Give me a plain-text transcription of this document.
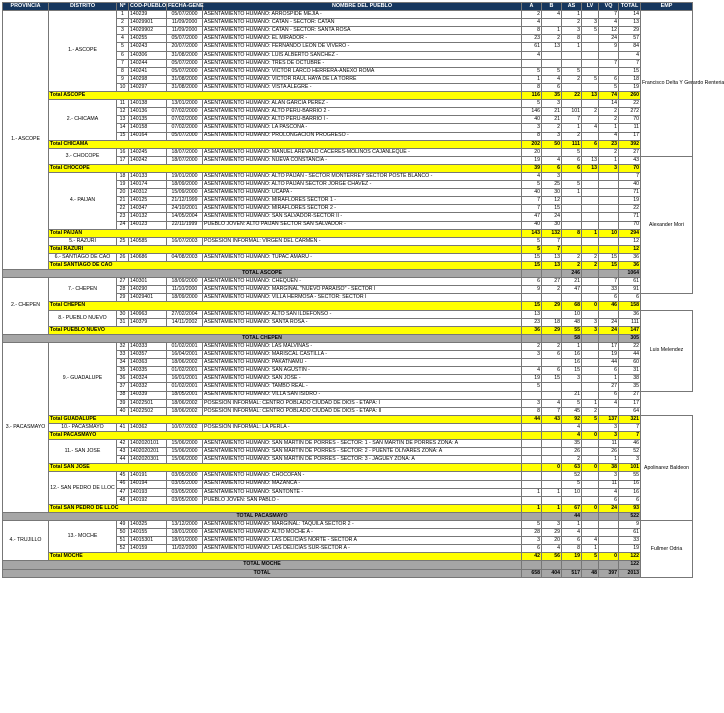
PROVINCIA	DISTRITO	Nº	COD-PUEBLO	FECHA-GENE	NOMBRE DEL PUEBLO	A	B	AS	LV	VQ	TOTAL	EMP	
1.- ASCOPE	1.- ASCOPE	1	140239	05/07/2000	ASENTAMIENTO HUMANO: ARROSPIDE MEJIA -	2	4	1		7	14	Francisco Delta Y Gerardo Renteria	
		2	14029901	11/09/2000	ASENTAMIENTO HUMANO: CATAN - SECTOR: CATAN	4		2	3	4	13		
		3	14029902	11/09/2000	ASENTAMIENTO HUMANO: CATAN - SECTOR: SANTA ROSA	8	1	3	5	12	29		
		4	140255	05/07/2000	ASENTAMIENTO HUMANO: EL MIRADOR -	23	2	8		24	57		
		5	140243	20/07/2000	ASENTAMIENTO HUMANO: FERNANDO LEON DE VIVERO -	61	13	1		9	84		
		6	140306	31/08/2000	ASENTAMIENTO HUMANO: LUIS ALBERTO SANCHEZ -	4					4		
		7	140244	05/07/2000	ASENTAMIENTO HUMANO: TRES DE OCTUBRE -					7	7		
		8	140241	05/07/2000	ASENTAMIENTO HUMANO: VICTOR LARCO HERRERA-ANEXO ROMA	5	5	5			15		
		9	140298	31/08/2000	ASENTAMIENTO HUMANO: VICTOR RAUL HAYA DE LA TORRE	1	4	2	5	6	18		
		10	140297	31/08/2000	ASENTAMIENTO HUMANO: VISTA ALEGRE -	8	6			5	19		
	Total ASCOPE					116	35	22	13	74	260		
	2.- CHICAMA	11	140138	13/01/2000	ASENTAMIENTO HUMANO: ALAN GARCIA PEREZ -	5	3			14	22		
		12	140136	07/02/2000	ASENTAMIENTO HUMANO: ALTO PERU-BARRIO 2 -	146	21	101	2	2	272		
		13	140135	07/02/2000	ASENTAMIENTO HUMANO: ALTO PERU-BARRIO I -	40	21	7		2	70		
		14	140158	07/02/2000	ASENTAMIENTO HUMANO: LA PASCONA -	3	2	1	4	1	11		
		15	140164	05/07/2000	ASENTAMIENTO HUMANO: PROLONGACION PROGRESO -	8	3	2		4	17		
	Total CHICAMA					202	50	111	6	23	392		
	3.- CHOCOPE	16	140245	18/07/2000	ASENTAMIENTO HUMANO: MANUEL AREVALO CACERES-MOLINOS CAJANLEQUE -	20		5		2	27		
		17	140242	18/07/2000	ASENTAMIENTO HUMANO: NUEVA CONSTANCIA -	19	4	6	13	1	43	Alexander Mori	
	Total CHOCOPE					39	6	6	13	3	70		
	4.- PAIJAN	18	140133	19/01/2000	ASENTAMIENTO HUMANO: ALTO PAIJAN - SECTOR MONTERREY SECTOR POSTE BLANCO -	4	3				7		
		19	140174	18/09/2000	ASENTAMIENTO HUMANO: ALTO PAIJAN SECTOR JORGE CHAVEZ -	5	25	5			40		
		20	140312	15/09/2000	ASENTAMIENTO HUMANO: UCAPA -	40	30	1			71		
		21	140125	21/12/1999	ASENTAMIENTO HUMANO: MIRAFLORES SECTOR 1 -	7	12				19		
		22	140347	24/10/2001	ASENTAMIENTO HUMANO: MIRAFLORES SECTOR 2 -	7	15				22		
		23	140132	14/05/2004	ASENTAMIENTO HUMANO: SAN SALVADOR-SECTOR II -	47	24				71		
		24	140123	22/11/1999	PUEBLO JOVEN: ALTO PAIJAN SECTOR SAN SALVADOR -	40	30				70		
	Total PAIJAN					143	132	8	1	10	294		
	5.- RAZURI	25	140585	16/07/2003	POSESION INFORMAL: VIRGEN DEL CARMEN -	5	7				12		
	Total RAZURI					5	7				12		
	6.- SANTIAGO DE CAO	26	140686	04/08/2003	ASENTAMIENTO HUMANO: TUPAC AMARU -	15	13	2	2	15	36		
	Total SANTIAGO DE CAO					15	13	2	2	15	36		
TOTAL ASCOPE								246			1064		
2.- CHEPEN	7.- CHEPEN	27	140301	18/09/2000	ASENTAMIENTO HUMANO: CHEQUEN -	6	27	21		7	61		
		28	140290	11/10/2000	ASENTAMIENTO HUMANO: MARGINAL "NUEVO PARAISO" - SECTOR I	9	2	47		33	91		
		29	14029401	18/09/2000	ASENTAMIENTO HUMANO: VILLA HERMOSA - SECTOR: SECTOR I					6	6		
	Total CHEPEN					15	29	68	0	46	158		
	8.- PUEBLO NUEVO	30	140963	27/02/2004	ASENTAMIENTO HUMANO: ALTO SAN ILDEFONSO -	13		10			36	Luis Melendez	
		31	140379	14/11/2002	ASENTAMIENTO HUMANO: SANTA ROSA -	23	18	48	3	24	111		
	Total PUEBLO NUEVO					36	29	55	3	24	147		
TOTAL CHEPEN								58			305		
3.- PACASMAYO	9.- GUADALUPE	32	140333	01/02/2001	ASENTAMIENTO HUMANO: LAS MALVINAS -	2	2	1		17	22		
		33	140357	16/04/2001	ASENTAMIENTO HUMANO: MARISCAL CASTILLA -	3	6	16		19	44		
		34	140363	18/06/2002	ASENTAMIENTO HUMANO: PAKATNAMU -			16		44	60		
		35	140335	01/02/2001	ASENTAMIENTO HUMANO: SAN AGUSTIN -	4	6	15		6	31		
		36	140324	16/01/2001	ASENTAMIENTO HUMANO: SAN JOSE -	19	15	3		1	38		
		37	140332	01/02/2001	ASENTAMIENTO HUMANO: TAMBO REAL -	5				27	35		
		38	140339	18/05/2001	ASENTAMIENTO HUMANO: VILLA SAN ISIDRO -			21		6	27		
		39	14022501	18/06/2002	POSESION INFORMAL: CENTRO POBLADO CIUDAD DE DIOS - ETAPA: I	3	4	5	1	4	17		
		40	14022502	18/06/2002	POSESION INFORMAL: CENTRO POBLADO CIUDAD DE DIOS - ETAPA: II	8	7	45	2		64		
	Total GUADALUPE					44	43	92	5	137	321	Apolinarez Baldeon	
	10.- PACASMAYO	41	140362	10/07/2002	POSESION INFORMAL: LA PERLA -			4		3	7		
	Total PACASMAYO							4	0	3	7		
	11.- SAN JOSE	42	1402020101	15/06/2000	ASENTAMIENTO HUMANO: SAN MARTIN DE PORRES - SECTOR: 1 - SAN MARTIN DE PORRES ZONA: A			35		11	46		
		43	1402020201	15/06/2000	ASENTAMIENTO HUMANO: SAN MARTIN DE PORRES - SECTOR: 2 - PUENTE OLIVARES ZONA: A			26		26	52		
		44	1402020301	15/06/2000	ASENTAMIENTO HUMANO: SAN MARTIN DE PORRES - SECTOR: 3 - JAGUEY ZONA: A			2		1	3		
	Total SAN JOSE						0	63	0	38	101		
	12.- SAN PEDRO DE LLOC	45	140191	03/05/2000	ASENTAMIENTO HUMANO: CHOCOFAN -			52		3	55		
		46	140194	03/05/2000	ASENTAMIENTO HUMANO: MAZANCA -			5		11	16		
		47	140193	03/05/2000	ASENTAMIENTO HUMANO: SANTONTE -	1	1	10		4	16		
		48	140192	03/05/2000	PUEBLO JOVEN: SAN PABLO -					6	6		
	Total SAN PEDRO DE LLOC					1	1	67	0	24	93		
TOTAL PACASMAYO								44			522		
4.- TRUJILLO	13.- MOCHE	49	140325	13/12/2000	ASENTAMIENTO HUMANO: MARGINAL: TAQUILA SECTOR 2 -	5	3	1			9	Fullmer Odria	
		50	140155	18/01/2000	ASENTAMIENTO HUMANO: ALTO MOCHE A -	28	29	4			61		
		51	14015301	18/01/2000	ASENTAMIENTO HUMANO: LAS DELICIAS NORTE - SECTOR A	3	20	6	4		33		
		52	140159	11/02/2000	ASENTAMIENTO HUMANO: LAS DELICIAS SUR-SECTOR A -	6	4	8	1		19		
	Total MOCHE					42	56	19	5	0	122		
TOTAL MOCHE											122		
TOTAL						658	404	517	48	397	2013		
